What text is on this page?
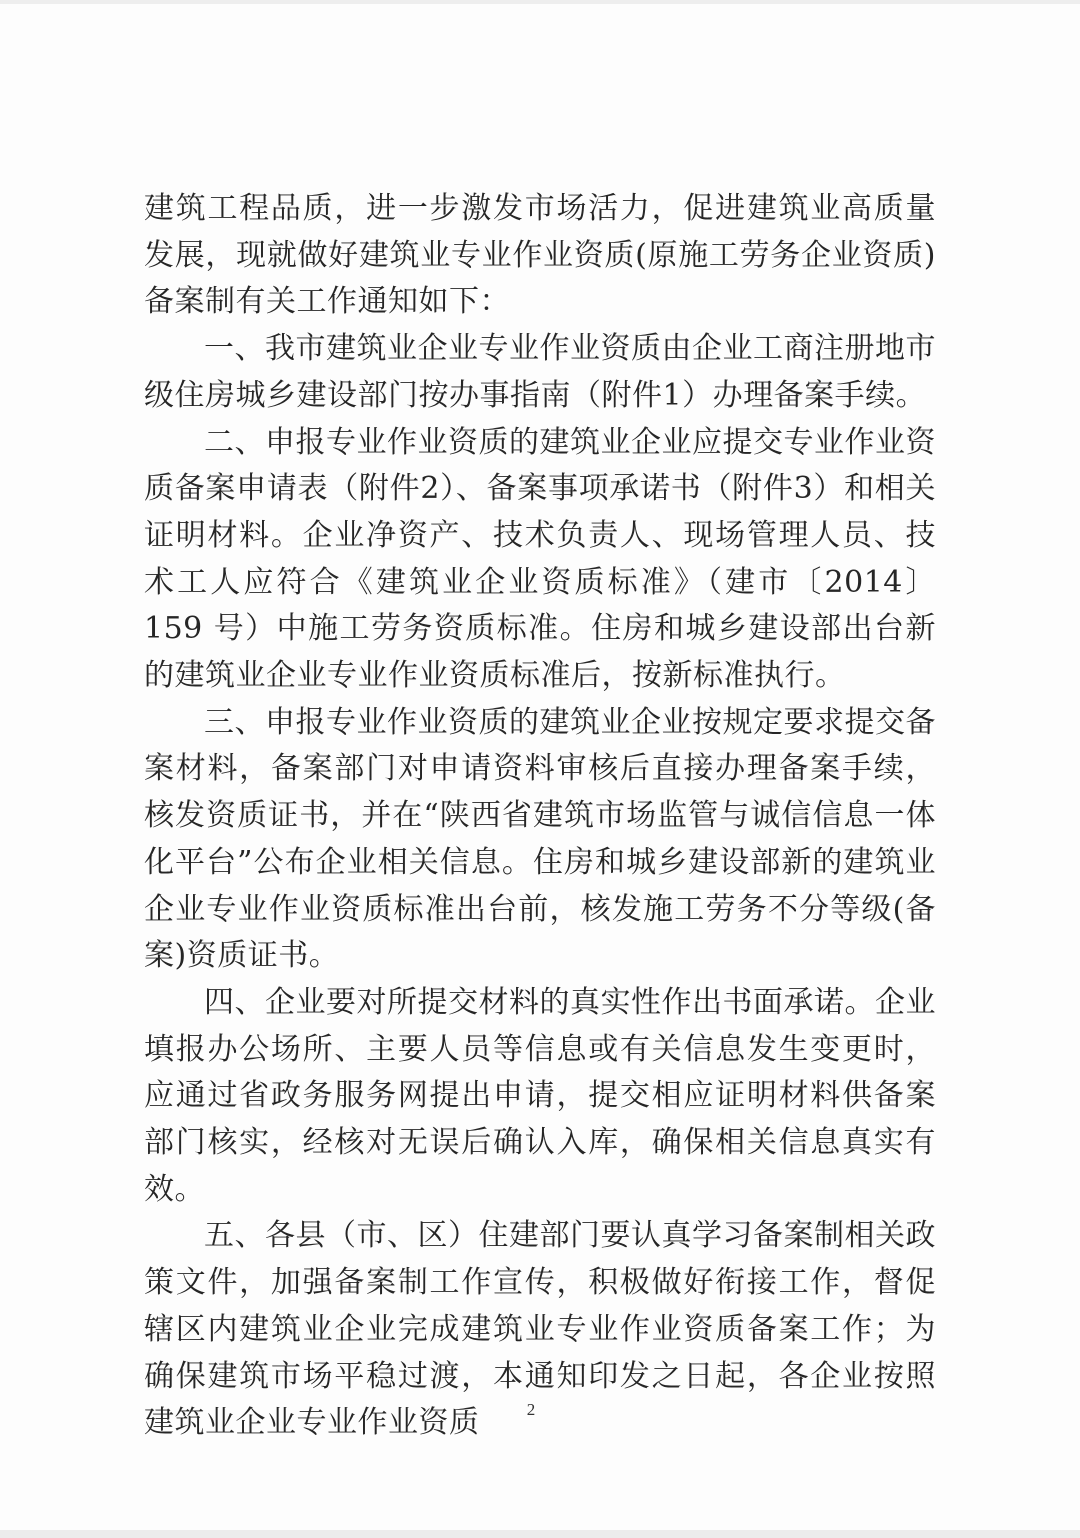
建筑工程品质，进一步激发市场活力，促进建筑业高质量发展，现就做好建筑业专业作业资质(原施工劳务企业资质)备案制有关工作通知如下：

一、我市建筑业企业专业作业资质由企业工商注册地市级住房城乡建设部门按办事指南（附件1）办理备案手续。

二、申报专业作业资质的建筑业企业应提交专业作业资质备案申请表（附件2）、备案事项承诺书（附件3）和相关证明材料。企业净资产、技术负责人、现场管理人员、技术工人应符合《建筑业企业资质标准》（建市〔2014〕159 号）中施工劳务资质标准。住房和城乡建设部出台新的建筑业企业专业作业资质标准后，按新标准执行。

三、申报专业作业资质的建筑业企业按规定要求提交备案材料，备案部门对申请资料审核后直接办理备案手续，核发资质证书，并在“陕西省建筑市场监管与诚信信息一体化平台”公布企业相关信息。住房和城乡建设部新的建筑业企业专业作业资质标准出台前，核发施工劳务不分等级(备案)资质证书。

四、企业要对所提交材料的真实性作出书面承诺。企业填报办公场所、主要人员等信息或有关信息发生变更时，应通过省政务服务网提出申请，提交相应证明材料供备案部门核实，经核对无误后确认入库，确保相关信息真实有效。

五、各县（市、区）住建部门要认真学习备案制相关政策文件，加强备案制工作宣传，积极做好衔接工作，督促辖区内建筑业企业完成建筑业专业作业资质备案工作；为确保建筑市场平稳过渡，本通知印发之日起，各企业按照建筑业企业专业作业资质	2
